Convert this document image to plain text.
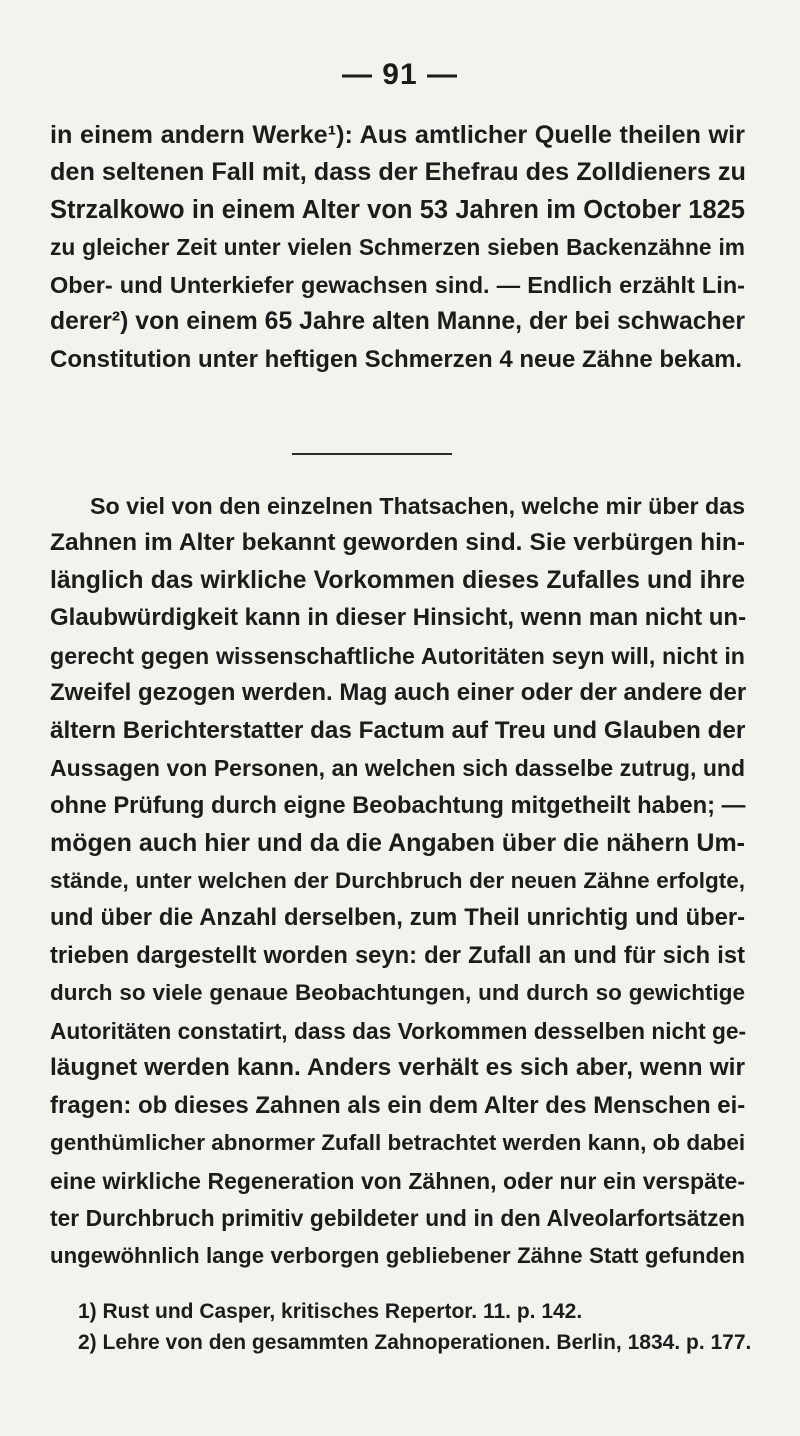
— 91 —
in einem andern Werke¹): Aus amtlicher Quelle theilen wir
den seltenen Fall mit, dass der Ehefrau des Zolldieners zu
Strzalkowo in einem Alter von 53 Jahren im October 1825
zu gleicher Zeit unter vielen Schmerzen sieben Backenzähne im
Ober- und Unterkiefer gewachsen sind. — Endlich erzählt Lin-
derer²) von einem 65 Jahre alten Manne, der bei schwacher
Constitution unter heftigen Schmerzen 4 neue Zähne bekam.
So viel von den einzelnen Thatsachen, welche mir über das
Zahnen im Alter bekannt geworden sind. Sie verbürgen hin-
länglich das wirkliche Vorkommen dieses Zufalles und ihre
Glaubwürdigkeit kann in dieser Hinsicht, wenn man nicht un-
gerecht gegen wissenschaftliche Autoritäten seyn will, nicht in
Zweifel gezogen werden. Mag auch einer oder der andere der
ältern Berichterstatter das Factum auf Treu und Glauben der
Aussagen von Personen, an welchen sich dasselbe zutrug, und
ohne Prüfung durch eigne Beobachtung mitgetheilt haben; —
mögen auch hier und da die Angaben über die nähern Um-
stände, unter welchen der Durchbruch der neuen Zähne erfolgte,
und über die Anzahl derselben, zum Theil unrichtig und über-
trieben dargestellt worden seyn: der Zufall an und für sich ist
durch so viele genaue Beobachtungen, und durch so gewichtige
Autoritäten constatirt, dass das Vorkommen desselben nicht ge-
läugnet werden kann. Anders verhält es sich aber, wenn wir
fragen: ob dieses Zahnen als ein dem Alter des Menschen ei-
genthümlicher abnormer Zufall betrachtet werden kann, ob dabei
eine wirkliche Regeneration von Zähnen, oder nur ein verspäte-
ter Durchbruch primitiv gebildeter und in den Alveolarfortsätzen
ungewöhnlich lange verborgen gebliebener Zähne Statt gefunden
1) Rust und Casper, kritisches Repertor. 11. p. 142.
2) Lehre von den gesammten Zahnoperationen. Berlin, 1834. p. 177.
